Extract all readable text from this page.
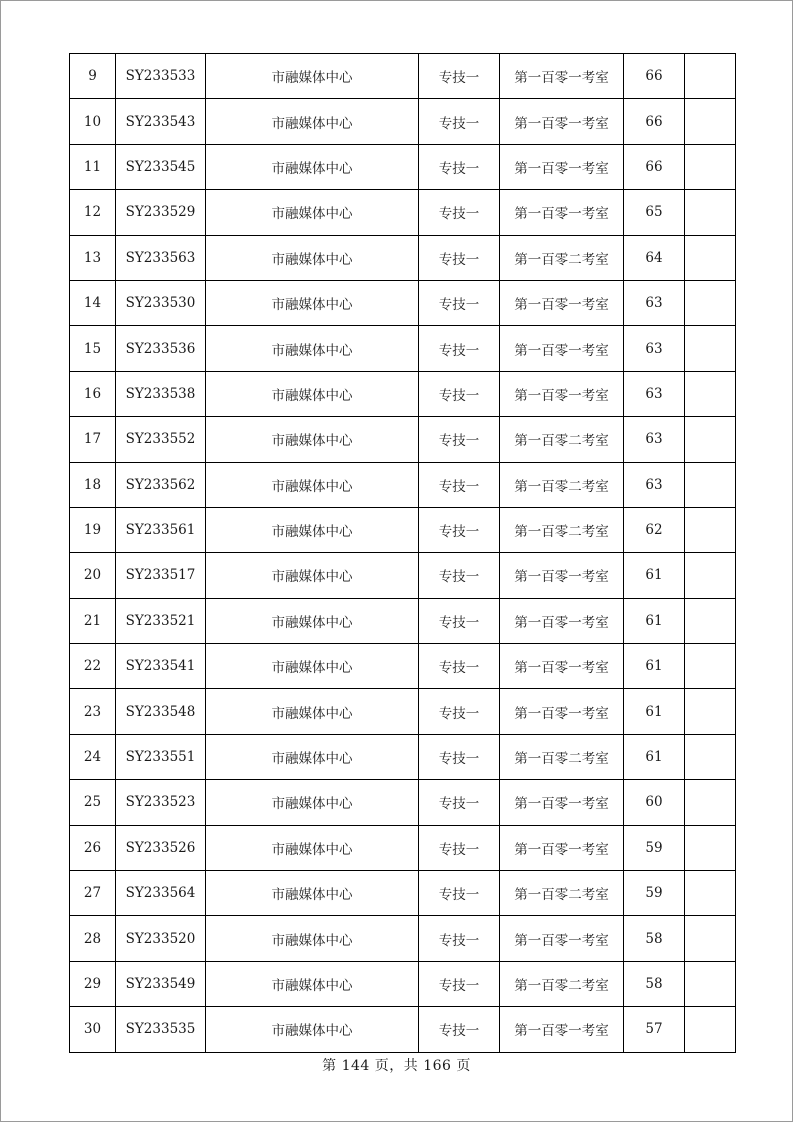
9	SY233533	市融媒体中心	专技一	第一百零一考室	66	
10	SY233543	市融媒体中心	专技一	第一百零一考室	66	
11	SY233545	市融媒体中心	专技一	第一百零一考室	66	
12	SY233529	市融媒体中心	专技一	第一百零一考室	65	
13	SY233563	市融媒体中心	专技一	第一百零二考室	64	
14	SY233530	市融媒体中心	专技一	第一百零一考室	63	
15	SY233536	市融媒体中心	专技一	第一百零一考室	63	
16	SY233538	市融媒体中心	专技一	第一百零一考室	63	
17	SY233552	市融媒体中心	专技一	第一百零二考室	63	
18	SY233562	市融媒体中心	专技一	第一百零二考室	63	
19	SY233561	市融媒体中心	专技一	第一百零二考室	62	
20	SY233517	市融媒体中心	专技一	第一百零一考室	61	
21	SY233521	市融媒体中心	专技一	第一百零一考室	61	
22	SY233541	市融媒体中心	专技一	第一百零一考室	61	
23	SY233548	市融媒体中心	专技一	第一百零一考室	61	
24	SY233551	市融媒体中心	专技一	第一百零二考室	61	
25	SY233523	市融媒体中心	专技一	第一百零一考室	60	
26	SY233526	市融媒体中心	专技一	第一百零一考室	59	
27	SY233564	市融媒体中心	专技一	第一百零二考室	59	
28	SY233520	市融媒体中心	专技一	第一百零一考室	58	
29	SY233549	市融媒体中心	专技一	第一百零二考室	58	
30	SY233535	市融媒体中心	专技一	第一百零一考室	57	
第 144 页，共 166 页
